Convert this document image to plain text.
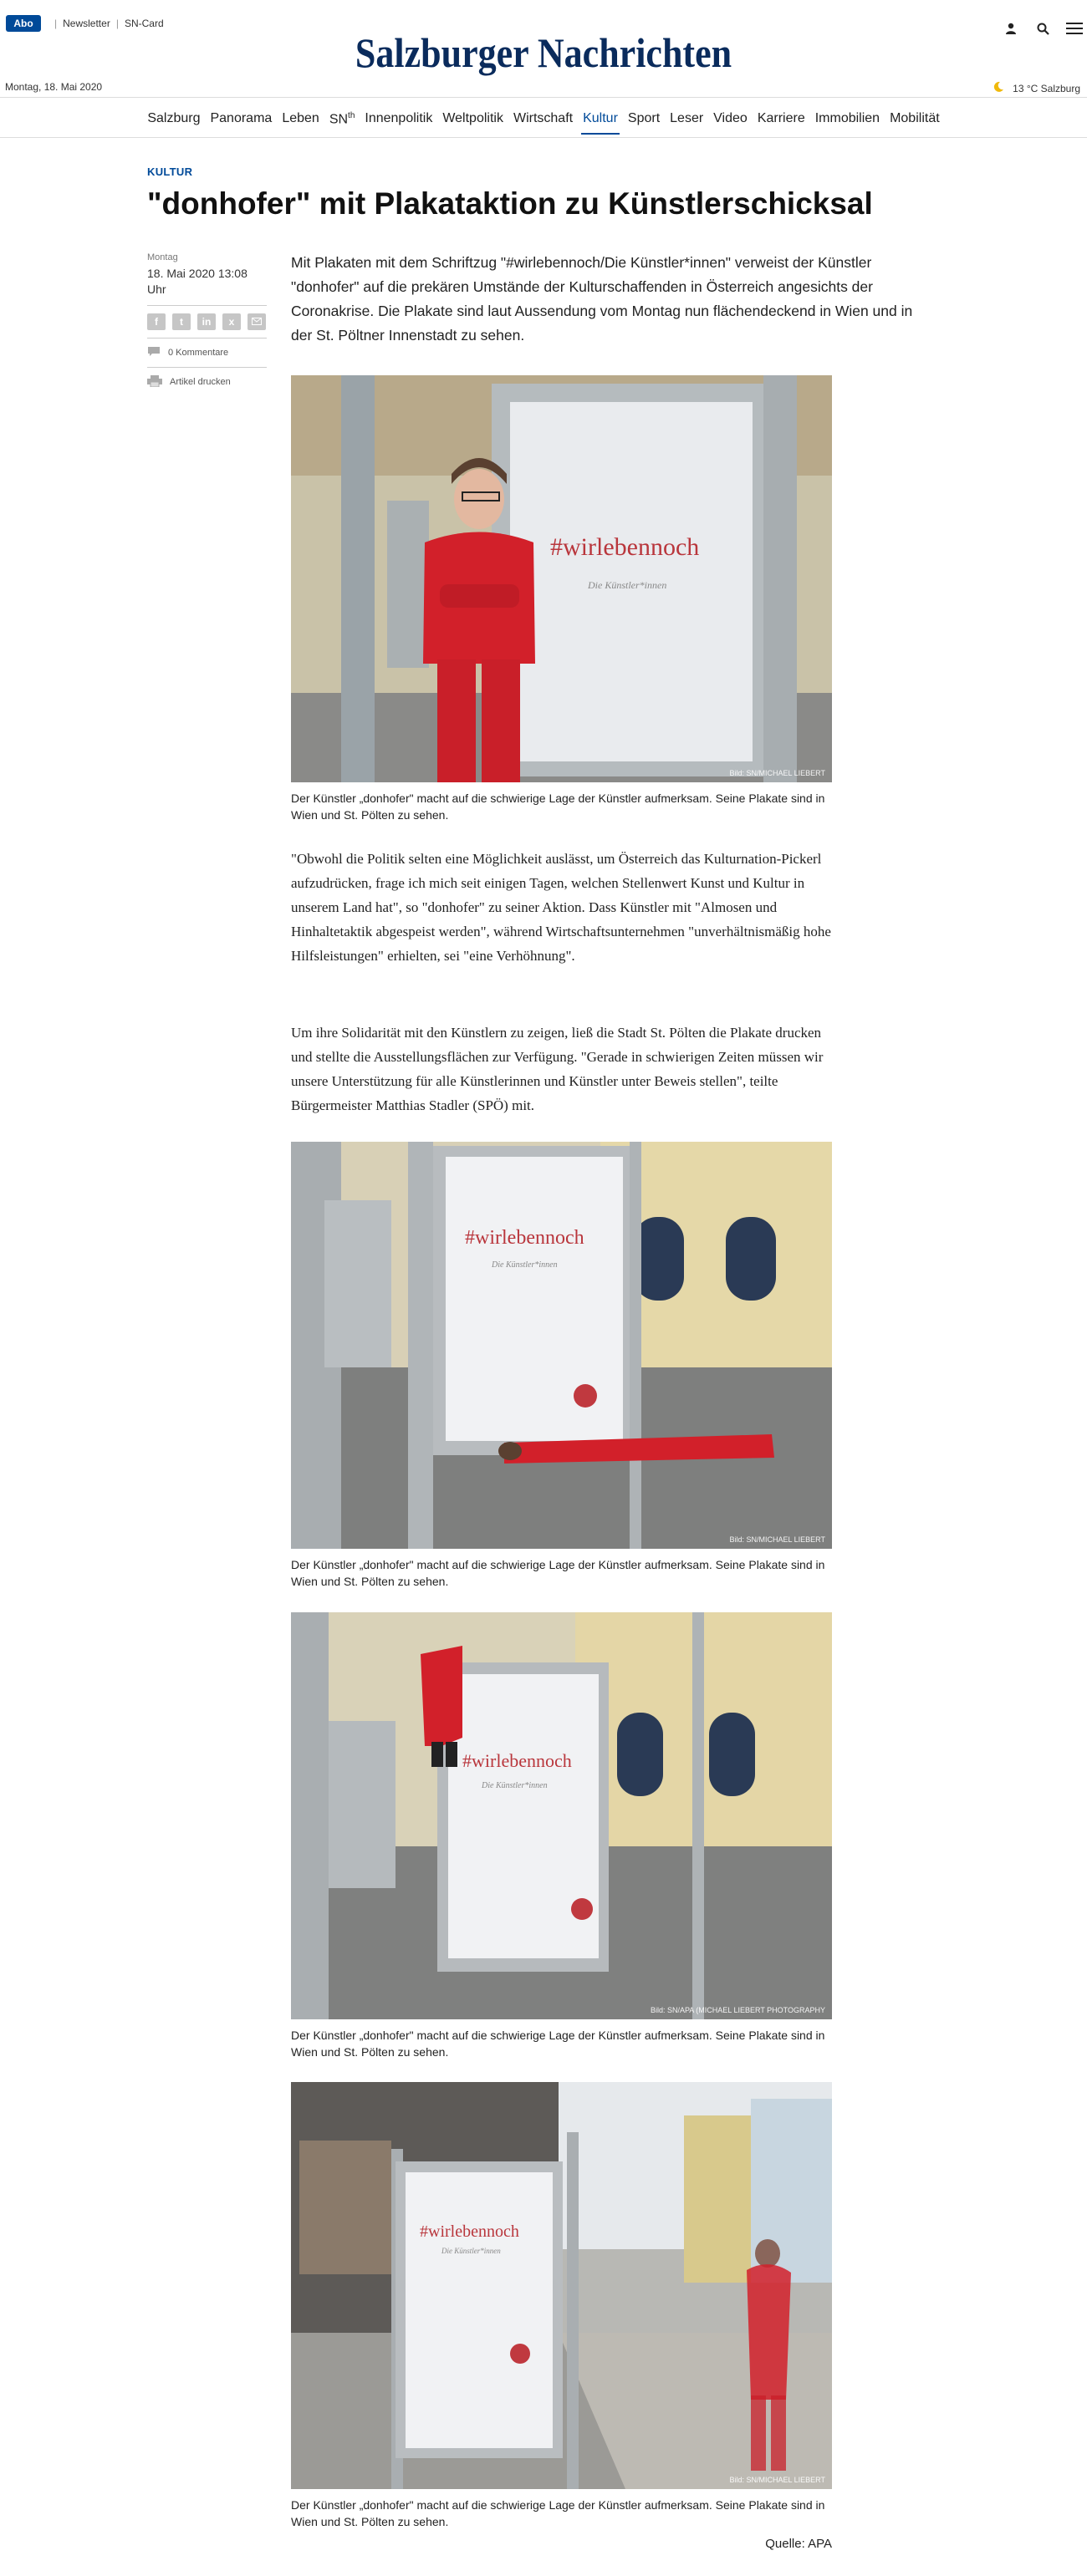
Abo	| Newsletter | SN-Card
Salzburger Nachrichten
Montag, 18. Mai 2020	13 °C Salzburg
Salzburg Panorama Leben $SN^{th}$ Innenpolitik Weltpolitik Wirtschaft Kultur Sport Leser Video Karriere Immobilien Mobilität
KULTUR
"donhofer" mit Plakataktion zu Künstlerschicksal
Montag
18. Mai 2020 13:08 Uhr
f	t	in	x
0 Kommentare
Artikel drucken

Mit Plakaten mit dem Schriftzug "#wirlebennoch/Die Künstler*innen" verweist der Künstler "donhofer" auf die prekären Umstände der Kulturschaffenden in Österreich angesichts der Coronakrise. Die Plakate sind laut Aussendung vom Montag nun flächendeckend in Wien und in der St. Pöltner Innenstadt zu sehen.

#wirlebennoch
Die Künstler*innen
Bild: SN/MICHAEL LIEBERT
Der Künstler „donhofer" macht auf die schwierige Lage der Künstler aufmerksam. Seine Plakate sind in Wien und St. Pölten zu sehen.

"Obwohl die Politik selten eine Möglichkeit auslässt, um Österreich das Kulturnation-Pickerl aufzudrücken, frage ich mich seit einigen Tagen, welchen Stellenwert Kunst und Kultur in unserem Land hat", so "donhofer" zu seiner Aktion. Dass Künstler mit "Almosen und Hinhaltetaktik abgespeist werden", während Wirtschaftsunternehmen "unverhältnismäßig hohe Hilfsleistungen" erhielten, sei "eine Verhöhnung".

Um ihre Solidarität mit den Künstlern zu zeigen, ließ die Stadt St. Pölten die Plakate drucken und stellte die Ausstellungsflächen zur Verfügung. "Gerade in schwierigen Zeiten müssen wir unsere Unterstützung für alle Künstlerinnen und Künstler unter Beweis stellen", teilte Bürgermeister Matthias Stadler (SPÖ) mit.

#wirlebennoch
Die Künstler*innen
Bild: SN/MICHAEL LIEBERT
Der Künstler „donhofer" macht auf die schwierige Lage der Künstler aufmerksam. Seine Plakate sind in Wien und St. Pölten zu sehen.
#wirlebennoch
Die Künstler*innen
Bild: SN/APA (MICHAEL LIEBERT PHOTOGRAPHY
Der Künstler „donhofer" macht auf die schwierige Lage der Künstler aufmerksam. Seine Plakate sind in Wien und St. Pölten zu sehen.
#wirlebennoch
Die Künstler*innen
Bild: SN/MICHAEL LIEBERT
Der Künstler „donhofer" macht auf die schwierige Lage der Künstler aufmerksam. Seine Plakate sind in Wien und St. Pölten zu sehen.
Quelle: APA
